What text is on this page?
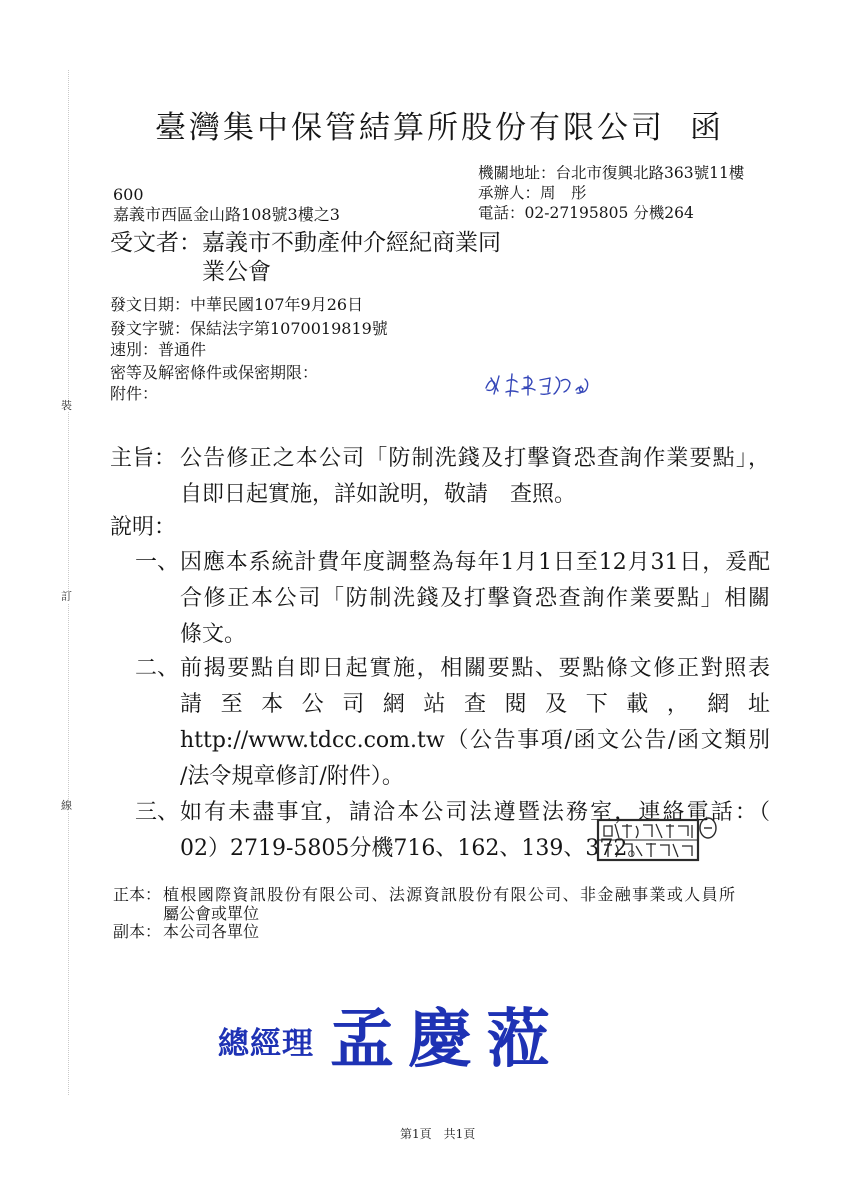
裝
訂
線
臺灣集中保管結算所股份有限公司 函
機關地址：台北市復興北路363號11樓
承辦人：周　彤
電話：02-27195805 分機264
600
嘉義市西區金山路108號3樓之3
受文者： 嘉義市不動產仲介經紀商業同
業公會
發文日期：中華民國107年9月26日
發文字號：保結法字第1070019819號
速別：普通件
密等及解密條件或保密期限：
附件：
主旨： 公告修正之本公司「防制洗錢及打擊資恐查詢作業要點」，
自即日起實施，詳如說明，敬請　查照。
說明：
一、 因應本系統計費年度調整為每年1月1日至12月31日，爰配
合修正本公司「防制洗錢及打擊資恐查詢作業要點」相關
條文。
二、 前揭要點自即日起實施，相關要點、要點條文修正對照表
請至本公司網站查閱及下載，網址
http://www.tdcc.com.tw（公告事項/函文公告/函文類別
/法令規章修訂/附件）。
三、 如有未盡事宜，請洽本公司法遵暨法務室，連絡電話：（
02）2719-5805分機716、162、139、372。
正本： 植根國際資訊股份有限公司、法源資訊股份有限公司、非金融事業或人員所
屬公會或單位
副本： 本公司各單位
總經理 孟慶蒞
第1頁 共1頁
